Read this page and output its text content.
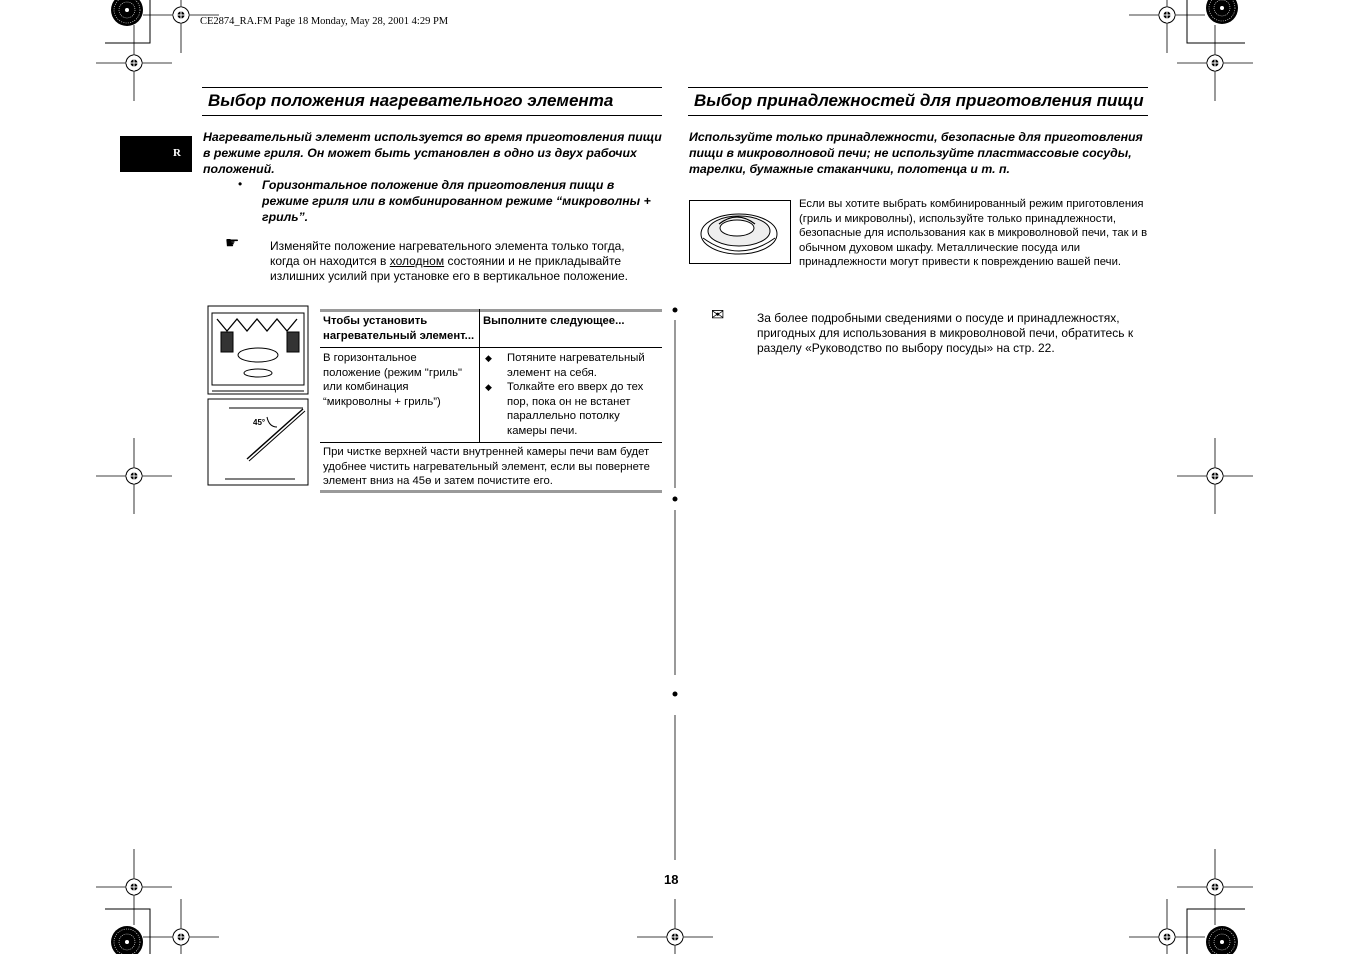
CE2874_RA.FM Page 18 Monday, May 28, 2001 4:29 PM
R
Выбор положения нагревательного элемента
Нагревательный элемент используется во время приготовления пищи в режиме гриля. Он может быть установлен в одно из двух рабочих положений.
• Горизонтальное положение для приготовления пищи в режиме гриля или в комбинированном режиме “микроволны + гриль”.
☛	Изменяйте положение нагревательного элемента только тогда, когда он находится в холодном состоянии и не прикладывайте излишних усилий при установке его в вертикальное положение.
45°
Чтобы установить нагревательный элемент...	Выполните следующее...
В горизонтальное положение (режим "гриль" или комбинация “микроволны + гриль”)	◆ Потяните нагревательный элемент на себя.

◆ Толкайте его вверх до тех пор, пока он не встанет параллельно потолку камеры печи.

При чистке верхней части внутренней камеры печи вам будет удобнее чистить нагревательный элемент, если вы повернете элемент вниз на 45ө и затем почистите его.	
Выбор принадлежностей для приготовления пищи
Используйте только принадлежности, безопасные для приготовления пищи в микроволновой печи; не используйте пластмассовые сосуды, тарелки, бумажные стаканчики, полотенца и т. п.
Если вы хотите выбрать комбинированный режим приготовления (гриль и микроволны), используйте только принадлежности, безопасные для использования как в микроволновой печи, так и в обычном духовом шкафу. Металлические посуда или принадлежности могут привести к повреждению вашей печи.
✉	За более подробными сведениями о посуде и принадлежностях, пригодных для использования в микроволновой печи, обратитесь к разделу «Руководство по выбору посуды» на стр. 22.
18
